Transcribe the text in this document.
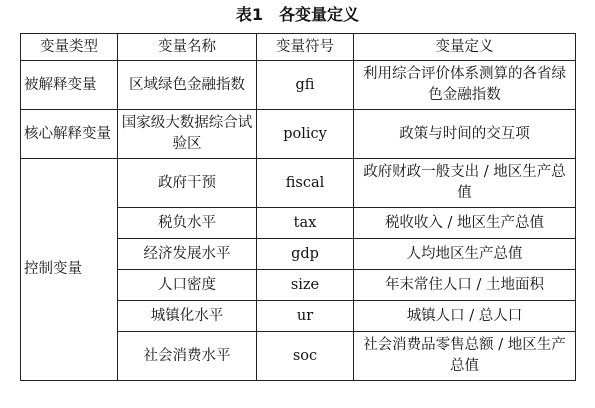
表1　各变量定义
变量类型	变量名称	变量符号	变量定义
被解释变量	区域绿色金融指数	gfi	利用综合评价体系测算的各省绿色金融指数
核心解释变量	国家级大数据综合试验区	policy	政策与时间的交互项
控制变量	政府干预	fiscal	政府财政一般支出 / 地区生产总值
	税负水平	tax	税收收入 / 地区生产总值
	经济发展水平	gdp	人均地区生产总值
	人口密度	size	年末常住人口 / 土地面积
	城镇化水平	ur	城镇人口 / 总人口
	社会消费水平	soc	社会消费品零售总额 / 地区生产总值
